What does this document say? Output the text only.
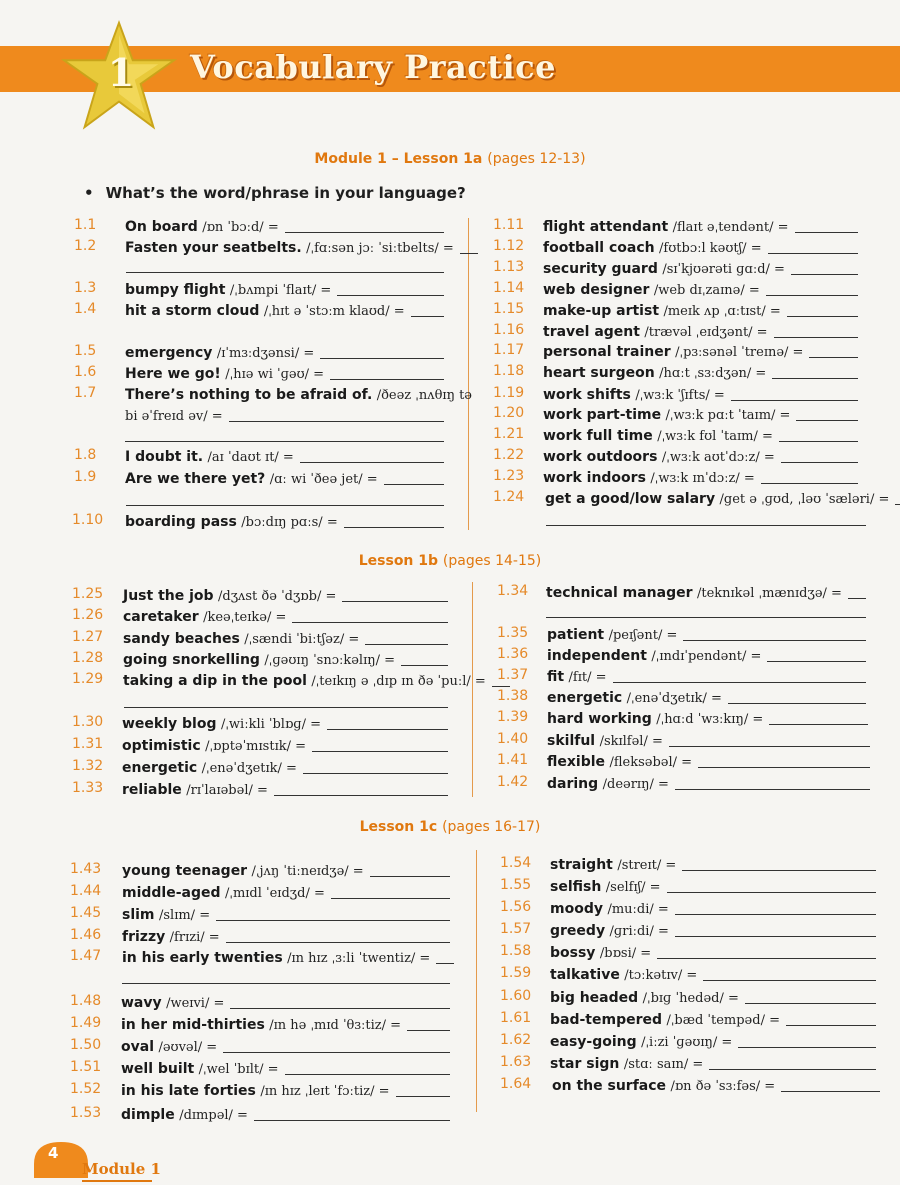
1 Vocabulary Practice
Module 1 – Lesson 1a (pages 12-13)
• What’s the word/phrase in your language?
Lesson 1b (pages 14-15)
Lesson 1c (pages 16-17)
1.1 On board /ɒn ˈbɔːd/ =
1.2 Fasten your seatbelts. /ˌfɑːsən jɔː ˈsiːtbelts/ =
1.3 bumpy flight /ˌbʌmpi ˈflaɪt/ =
1.4 hit a storm cloud /ˌhɪt ə ˈstɔːm klaʊd/ =
1.5 emergency /ɪˈmɜːdʒənsi/ =
1.6 Here we go! /ˌhɪə wi ˈɡəʊ/ =
1.7 There’s nothing to be afraid of. /ðeəz ˌnʌθɪŋ tə
bi əˈfreɪd əv/ =
1.8 I doubt it. /aɪ ˈdaʊt ɪt/ =
1.9 Are we there yet? /ɑː wi ˈðeə jet/ =
1.10 boarding pass /bɔːdɪŋ pɑːs/ =
1.11 flight attendant /flaɪt əˌtendənt/ =
1.12 football coach /fʊtbɔːl kəʊtʃ/ =
1.13 security guard /sɪˈkjʊərəti ɡɑːd/ =
1.14 web designer /web dɪˌzaɪnə/ =
1.15 make-up artist /meɪk ʌp ˌɑːtɪst/ =
1.16 travel agent /trævəl ˌeɪdʒənt/ =
1.17 personal trainer /ˌpɜːsənəl ˈtreɪnə/ =
1.18 heart surgeon /hɑːt ˌsɜːdʒən/ =
1.19 work shifts /ˌwɜːk ˈʃɪfts/ =
1.20 work part-time /ˌwɜːk pɑːt ˈtaɪm/ =
1.21 work full time /ˌwɜːk fʊl ˈtaɪm/ =
1.22 work outdoors /ˌwɜːk aʊtˈdɔːz/ =
1.23 work indoors /ˌwɜːk ɪnˈdɔːz/ =
1.24 get a good/low salary /get ə ˌɡʊd, ˌləʊ ˈsæləri/ =
1.25 Just the job /dʒʌst ðə ˈdʒɒb/ =
1.26 caretaker /keəˌteɪkə/ =
1.27 sandy beaches /ˌsændi ˈbiːtʃəz/ =
1.28 going snorkelling /ˌɡəʊɪŋ ˈsnɔːkəlɪŋ/ =
1.29 taking a dip in the pool /ˌteɪkɪŋ ə ˌdɪp ɪn ðə ˈpuːl/ =
1.30 weekly blog /ˌwiːkli ˈblɒɡ/ =
1.31 optimistic /ˌɒptəˈmɪstɪk/ =
1.32 energetic /ˌenəˈdʒetɪk/ =
1.33 reliable /rɪˈlaɪəbəl/ =
1.34 technical manager /teknɪkəl ˌmænɪdʒə/ =
1.35 patient /peɪʃənt/ =
1.36 independent /ˌɪndɪˈpendənt/ =
1.37 fit /fɪt/ =
1.38 energetic /ˌenəˈdʒetɪk/ =
1.39 hard working /ˌhɑːd ˈwɜːkɪŋ/ =
1.40 skilful /skɪlfəl/ =
1.41 flexible /fleksəbəl/ =
1.42 daring /deərɪŋ/ =
1.43 young teenager /ˌjʌŋ ˈtiːneɪdʒə/ =
1.44 middle-aged /ˌmɪdl ˈeɪdʒd/ =
1.45 slim /slɪm/ =
1.46 frizzy /frɪzi/ =
1.47 in his early twenties /ɪn hɪz ˌɜːli ˈtwentiz/ =
1.48 wavy /weɪvi/ =
1.49 in her mid-thirties /ɪn hə ˌmɪd ˈθɜːtiz/ =
1.50 oval /əʊvəl/ =
1.51 well built /ˌwel ˈbɪlt/ =
1.52 in his late forties /ɪn hɪz ˌleɪt ˈfɔːtiz/ =
1.53 dimple /dɪmpəl/ =
1.54 straight /streɪt/ =
1.55 selfish /selfɪʃ/ =
1.56 moody /muːdi/ =
1.57 greedy /ɡriːdi/ =
1.58 bossy /bɒsi/ =
1.59 talkative /tɔːkətɪv/ =
1.60 big headed /ˌbɪɡ ˈhedəd/ =
1.61 bad-tempered /ˌbæd ˈtempəd/ =
1.62 easy-going /ˌiːzi ˈɡəʊɪŋ/ =
1.63 star sign /stɑː saɪn/ =
1.64 on the surface /ɒn ðə ˈsɜːfəs/ =
4
Module 1
